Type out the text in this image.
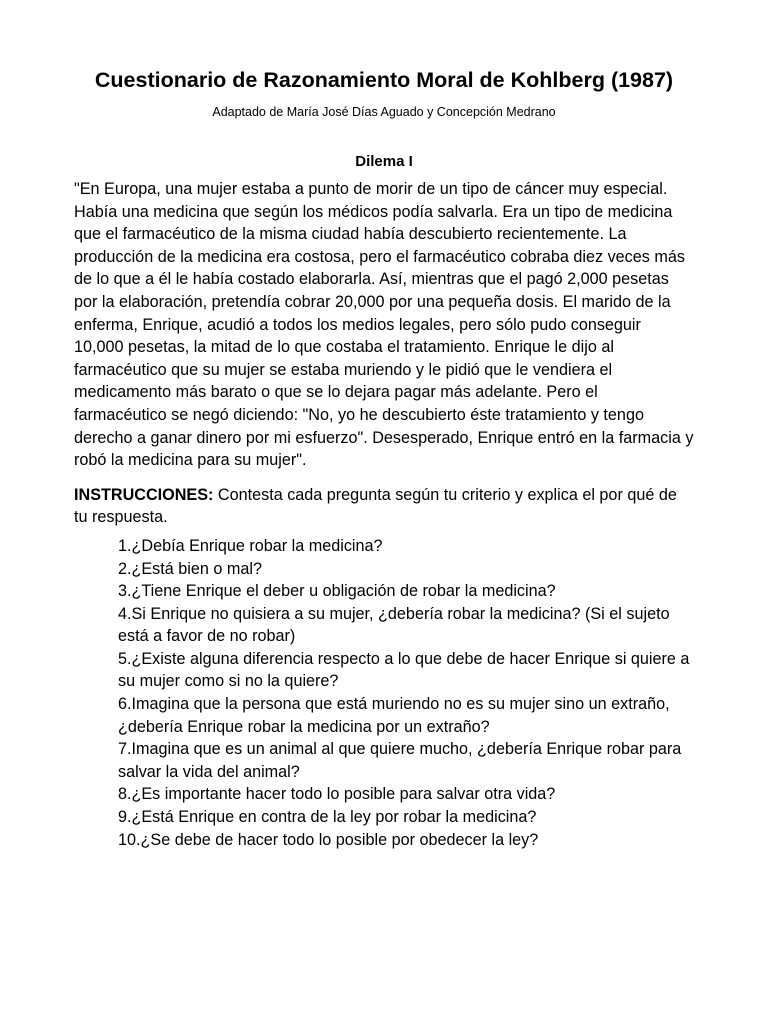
Cuestionario de Razonamiento Moral de Kohlberg (1987)

Adaptado de María José Días Aguado y Concepción Medrano

Dilema I

"En Europa, una mujer estaba a punto de morir de un tipo de cáncer muy especial. Había una medicina que según los médicos podía salvarla. Era un tipo de medicina que el farmacéutico de la misma ciudad había descubierto recientemente. La producción de la medicina era costosa, pero el farmacéutico cobraba diez veces más de lo que a él le había costado elaborarla. Así, mientras que el pagó 2,000 pesetas por la elaboración, pretendía cobrar 20,000 por una pequeña dosis. El marido de la enferma, Enrique, acudió a todos los medios legales, pero sólo pudo conseguir 10,000 pesetas, la mitad de lo que costaba el tratamiento. Enrique le dijo al farmacéutico que su mujer se estaba muriendo y le pidió que le vendiera el medicamento más barato o que se lo dejara pagar más adelante. Pero el farmacéutico se negó diciendo: "No, yo he descubierto éste tratamiento y tengo derecho a ganar dinero por mi esfuerzo". Desesperado, Enrique entró en la farmacia y robó la medicina para su mujer".

INSTRUCCIONES: Contesta cada pregunta según tu criterio y explica el por qué de tu respuesta.

1.¿Debía Enrique robar la medicina?
2.¿Está bien o mal?
3.¿Tiene Enrique el deber u obligación de robar la medicina?
4.Si Enrique no quisiera a su mujer, ¿debería robar la medicina? (Si el sujeto está a favor de no robar)
5.¿Existe alguna diferencia respecto a lo que debe de hacer Enrique si quiere a su mujer como si no la quiere?
6.Imagina que la persona que está muriendo no es su mujer sino un extraño, ¿debería Enrique robar la medicina por un extraño?
7.Imagina que es un animal al que quiere mucho, ¿debería Enrique robar para salvar la vida del animal?
8.¿Es importante hacer todo lo posible para salvar otra vida?
9.¿Está Enrique en contra de la ley por robar la medicina?
10.¿Se debe de hacer todo lo posible por obedecer la ley?
